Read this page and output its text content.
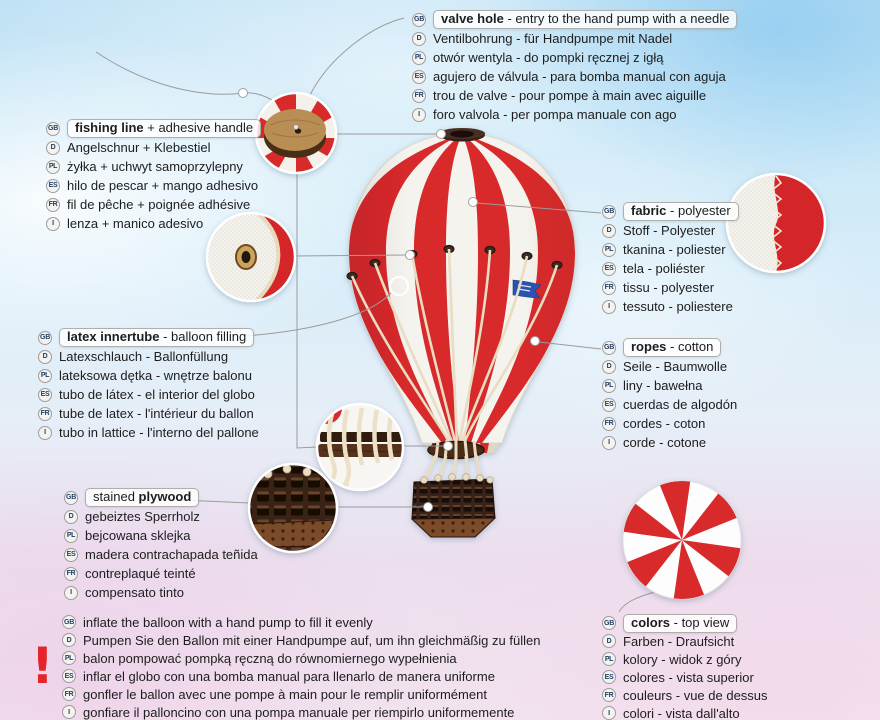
GB	valve hole - entry to the hand pump with a needle
D Ventilbohrung - für Handpumpe mit Nadel
PL otwór wentyla - do pompki ręcznej z igłą
ES agujero de válvula - para bomba manual con aguja
FR trou de valve - pour pompe à main avec aiguille
I	foro valvola - per pompa manuale con ago
GB	fishing line + adhesive handle
D Angelschnur + Klebestiel
PL żyłka + uchwyt samoprzylepny
ES hilo de pescar + mango adhesivo
FR fil de pêche + poignée adhésive
I	lenza + manico adesivo
GB	fabric - polyester
D Stoff - Polyester
PL tkanina - poliester
ES tela - poliéster
FR tissu - polyester
I	tessuto - poliestere
GB	latex innertube - balloon filling
D Latexschlauch - Ballonfüllung
PL lateksowa dętka - wnętrze balonu
ES tubo de látex - el interior del globo
FR tube de latex - l'intérieur du ballon
I	tubo in lattice - l'interno del pallone
GB	ropes - cotton
D Seile - Baumwolle
PL liny - bawełna
ES cuerdas de algodón
FR cordes - coton
I	corde - cotone
GB	stained plywood
D gebeiztes Sperrholz
PL bejcowana sklejka
ES madera contrachapada teñida
FR contreplaqué teinté
I	compensato tinto
GB	colors - top view
D Farben - Draufsicht
PL kolory - widok z góry
ES colores - vista superior
FR couleurs - vue de dessus
I	colori - vista dall'alto
GB inflate the balloon with a hand pump to fill it evenly
D Pumpen Sie den Ballon mit einer Handpumpe auf, um ihn gleichmäßig zu füllen
PL balon pompować pompką ręczną do równomiernego wypełnienia
ES inflar el globo con una bomba manual para llenarlo de manera uniforme
FR gonfler le ballon avec une pompe à main pour le remplir uniformément
I	gonfiare il palloncino con una pompa manuale per riempirlo uniformemente
!
